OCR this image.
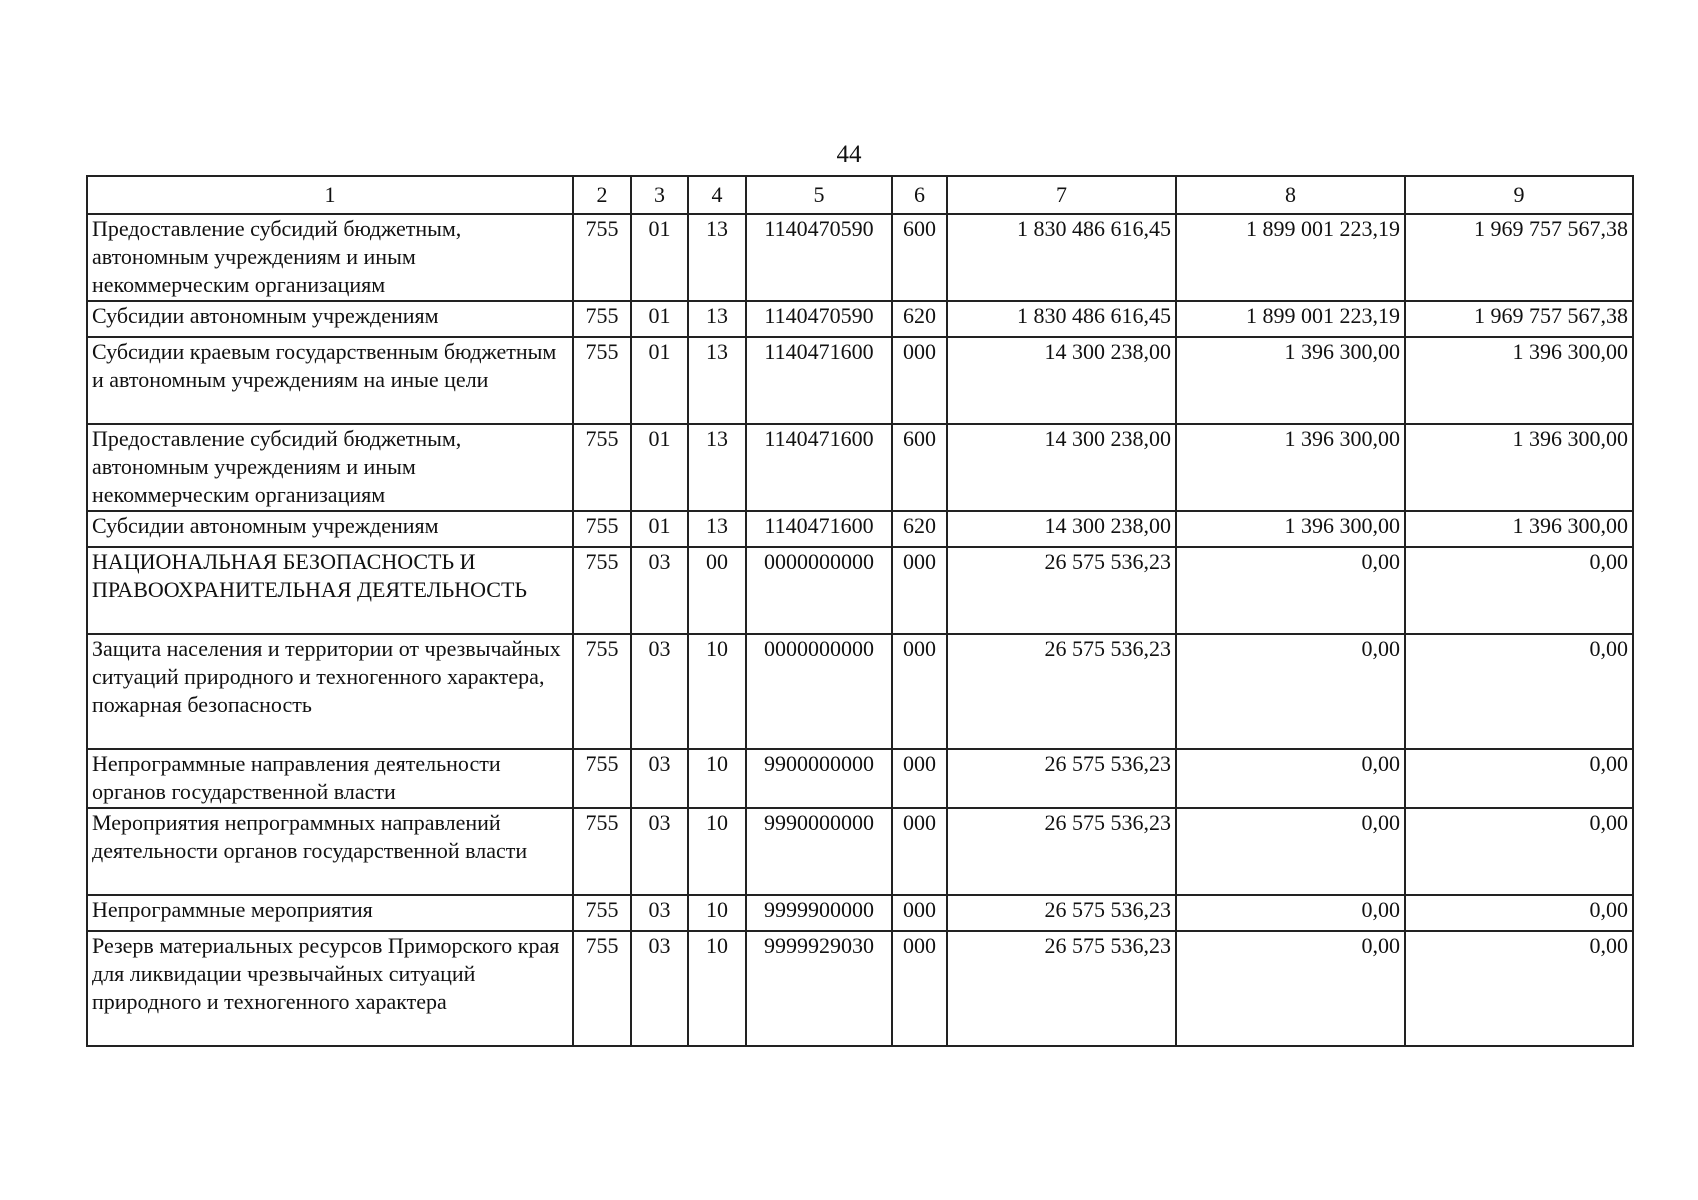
44
1	2	3	4	5	6	7	8	9
Предоставление субсидий бюджетным, автономным учреждениям и иным некоммерческим организациям	755	01	13	1140470590	600	1 830 486 616,45	1 899 001 223,19	1 969 757 567,38
Субсидии автономным учреждениям	755	01	13	1140470590	620	1 830 486 616,45	1 899 001 223,19	1 969 757 567,38
Субсидии краевым государственным бюджетным и автономным учреждениям на иные цели	755	01	13	1140471600	000	14 300 238,00	1 396 300,00	1 396 300,00
Предоставление субсидий бюджетным, автономным учреждениям и иным некоммерческим организациям	755	01	13	1140471600	600	14 300 238,00	1 396 300,00	1 396 300,00
Субсидии автономным учреждениям	755	01	13	1140471600	620	14 300 238,00	1 396 300,00	1 396 300,00
НАЦИОНАЛЬНАЯ БЕЗОПАСНОСТЬ И ПРАВООХРАНИТЕЛЬНАЯ ДЕЯТЕЛЬНОСТЬ	755	03	00	0000000000	000	26 575 536,23	0,00	0,00
Защита населения и территории от чрезвычайных ситуаций природного и техногенного характера, пожарная безопасность	755	03	10	0000000000	000	26 575 536,23	0,00	0,00
Непрограммные направления деятельности органов государственной власти	755	03	10	9900000000	000	26 575 536,23	0,00	0,00
Мероприятия непрограммных направлений деятельности органов государственной власти	755	03	10	9990000000	000	26 575 536,23	0,00	0,00
Непрограммные мероприятия	755	03	10	9999900000	000	26 575 536,23	0,00	0,00
Резерв материальных ресурсов Приморского края для ликвидации чрезвычайных ситуаций природного и техногенного характера	755	03	10	9999929030	000	26 575 536,23	0,00	0,00
